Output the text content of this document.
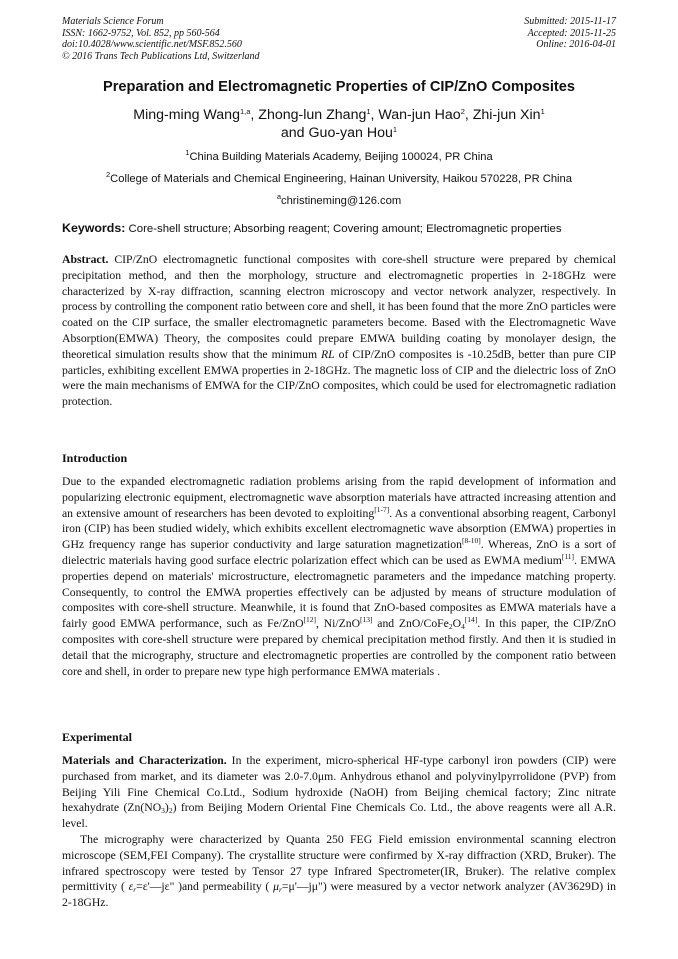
Materials Science Forum
ISSN: 1662-9752, Vol. 852, pp 560-564
doi:10.4028/www.scientific.net/MSF.852.560
© 2016 Trans Tech Publications Ltd, Switzerland
Submitted: 2015-11-17
Accepted: 2015-11-25
Online: 2016-04-01
Preparation and Electromagnetic Properties of CIP/ZnO Composites
Ming-ming Wang$^{1,a}$, Zhong-lun Zhang$^1$, Wan-jun Hao$^2$, Zhi-jun Xin$^1$
and Guo-yan Hou$^1$
$^1$China Building Materials Academy, Beijing 100024, PR China
$^2$College of Materials and Chemical Engineering, Hainan University, Haikou 570228, PR China
$^a$christineming@126.com
Keywords: Core-shell structure; Absorbing reagent; Covering amount; Electromagnetic properties
Abstract. CIP/ZnO electromagnetic functional composites with core-shell structure were prepared by chemical precipitation method, and then the morphology, structure and electromagnetic properties in 2-18GHz were characterized by X-ray diffraction, scanning electron microscopy and vector network analyzer, respectively. In process by controlling the component ratio between core and shell, it has been found that the more ZnO particles were coated on the CIP surface, the smaller electromagnetic parameters become. Based with the Electromagnetic Wave Absorption(EMWA) Theory, the composites could prepare EMWA building coating by monolayer design, the theoretical simulation results show that the minimum RL of CIP/ZnO composites is -10.25dB, better than pure CIP particles, exhibiting excellent EMWA properties in 2-18GHz. The magnetic loss of CIP and the dielectric loss of ZnO were the main mechanisms of EMWA for the CIP/ZnO composites, which could be used for electromagnetic radiation protection.
Introduction
Due to the expanded electromagnetic radiation problems arising from the rapid development of information and popularizing electronic equipment, electromagnetic wave absorption materials have attracted increasing attention and an extensive amount of researchers has been devoted to exploiting[1-7]. As a conventional absorbing reagent, Carbonyl iron (CIP) has been studied widely, which exhibits excellent electromagnetic wave absorption (EMWA) properties in GHz frequency range has superior conductivity and large saturation magnetization[8-10]. Whereas, ZnO is a sort of dielectric materials having good surface electric polarization effect which can be used as EWMA medium[11]. EMWA properties depend on materials' microstructure, electromagnetic parameters and the impedance matching property. Consequently, to control the EMWA properties effectively can be adjusted by means of structure modulation of composites with core-shell structure. Meanwhile, it is found that ZnO-based composites as EMWA materials have a fairly good EMWA performance, such as Fe/ZnO[12], Ni/ZnO[13] and ZnO/$CoFe_2O_4[14]$. In this paper, the CIP/ZnO composites with core-shell structure were prepared by chemical precipitation method firstly. And then it is studied in detail that the micrography, structure and electromagnetic properties are controlled by the component ratio between core and shell, in order to prepare new type high performance EMWA materials .
Experimental
Materials and Characterization. In the experiment, micro-spherical HF-type carbonyl iron powders (CIP) were purchased from market, and its diameter was 2.0-7.0μm. Anhydrous ethanol and polyvinylpyrrolidone (PVP) from Beijing Yili Fine Chemical Co.Ltd., Sodium hydroxide (NaOH) from Beijing chemical factory; Zinc nitrate hexahydrate $(Zn(NO_3)_2)$ from Beijing Modern Oriental Fine Chemicals Co. Ltd., the above reagents were all A.R. level.
The micrography were characterized by Quanta 250 FEG Field emission environmental scanning electron microscope (SEM,FEI Company). The crystallite structure were confirmed by X-ray diffraction (XRD, Bruker). The infrared spectroscopy were tested by Tensor 27 type Infrared Spectrometer(IR, Bruker). The relative complex permittivity ( $\varepsilon_r=\varepsilon'—j\varepsilon$" )and permeability ( $\mu_r=\mu'—j\mu$") were measured by a vector network analyzer (AV3629D) in 2-18GHz.
